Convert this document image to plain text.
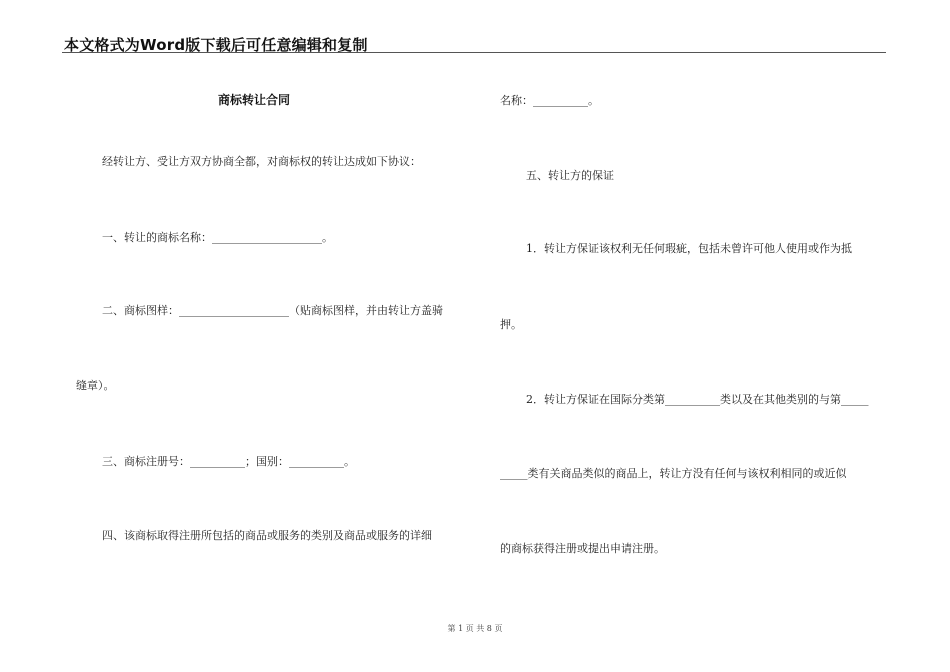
本文格式为Word版下载后可任意编辑和复制
商标转让合同
经转让方、受让方双方协商全都，对商标权的转让达成如下协议：
一、转让的商标名称：____________________。
二、商标图样：____________________（贴商标图样，并由转让方盖骑
缝章）。
三、商标注册号：__________；国别：__________。
四、该商标取得注册所包括的商品或服务的类别及商品或服务的详细
名称：__________。
五、转让方的保证
1．转让方保证该权利无任何瑕疵，包括未曾许可他人使用或作为抵
押。
2．转让方保证在国际分类第__________类以及在其他类别的与第_____
_____类有关商品类似的商品上，转让方没有任何与该权利相同的或近似
的商标获得注册或提出申请注册。
第 1 页 共 8 页
